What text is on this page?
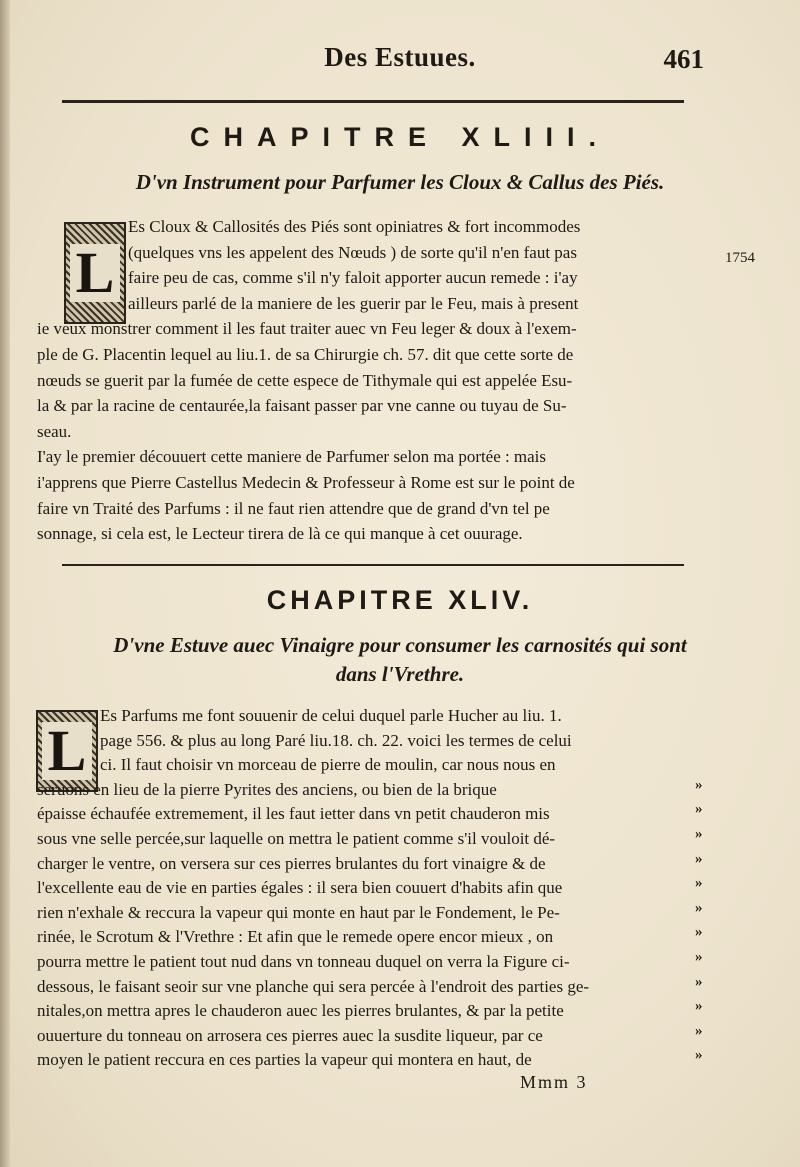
Des Estuues.	461
CHAPITRE XLIII.
D'vn Instrument pour Parfumer les Cloux & Callus des Piés.
L
Es Cloux & Callosités des Piés sont opiniatres & fort incommodes
(quelques vns les appelent des Nœuds ) de sorte qu'il n'en faut pas
faire peu de cas, comme s'il n'y faloit apporter aucun remede : i'ay
ailleurs parlé de la maniere de les guerir par le Feu, mais à present
ie veux monstrer comment il les faut traiter auec vn Feu leger & doux à l'exem-
ple de G. Placentin lequel au liu.1. de sa Chirurgie ch. 57. dit que cette sorte de
nœuds se guerit par la fumée de cette espece de Tithymale qui est appelée Esu-
la & par la racine de centaurée,la faisant passer par vne canne ou tuyau de Su-
seau.
I'ay le premier découuert cette maniere de Parfumer selon ma portée : mais
i'apprens que Pierre Castellus Medecin & Professeur à Rome est sur le point de
faire vn Traité des Parfums : il ne faut rien attendre que de grand d'vn tel pe
sonnage, si cela est, le Lecteur tirera de là ce qui manque à cet ouurage.
1754
CHAPITRE XLIV.
D'vne Estuve auec Vinaigre pour consumer les carnosités qui sont
dans l'Vrethre.
L
Es Parfums me font souuenir de celui duquel parle Hucher au liu. 1.
page 556. & plus au long Paré liu.18. ch. 22. voici les termes de celui
ci. Il faut choisir vn morceau de pierre de moulin, car nous nous en
seruons en lieu de la pierre Pyrites des anciens, ou bien de la brique
épaisse échaufée extremement, il les faut ietter dans vn petit chauderon mis
sous vne selle percée,sur laquelle on mettra le patient comme s'il vouloit dé-
charger le ventre, on versera sur ces pierres brulantes du fort vinaigre & de
l'excellente eau de vie en parties égales : il sera bien couuert d'habits afin que
rien n'exhale & reccura la vapeur qui monte en haut par le Fondement, le Pe-
rinée, le Scrotum & l'Vrethre : Et afin que le remede opere encor mieux , on
pourra mettre le patient tout nud dans vn tonneau duquel on verra la Figure ci-
dessous, le faisant seoir sur vne planche qui sera percée à l'endroit des parties ge-
nitales,on mettra apres le chauderon auec les pierres brulantes, & par la petite
ouuerture du tonneau on arrosera ces pierres auec la susdite liqueur, par ce
moyen le patient reccura en ces parties la vapeur qui montera en haut, de
»
»
»
»
»
»
»
»
»
»
»
»
Mmm 3
